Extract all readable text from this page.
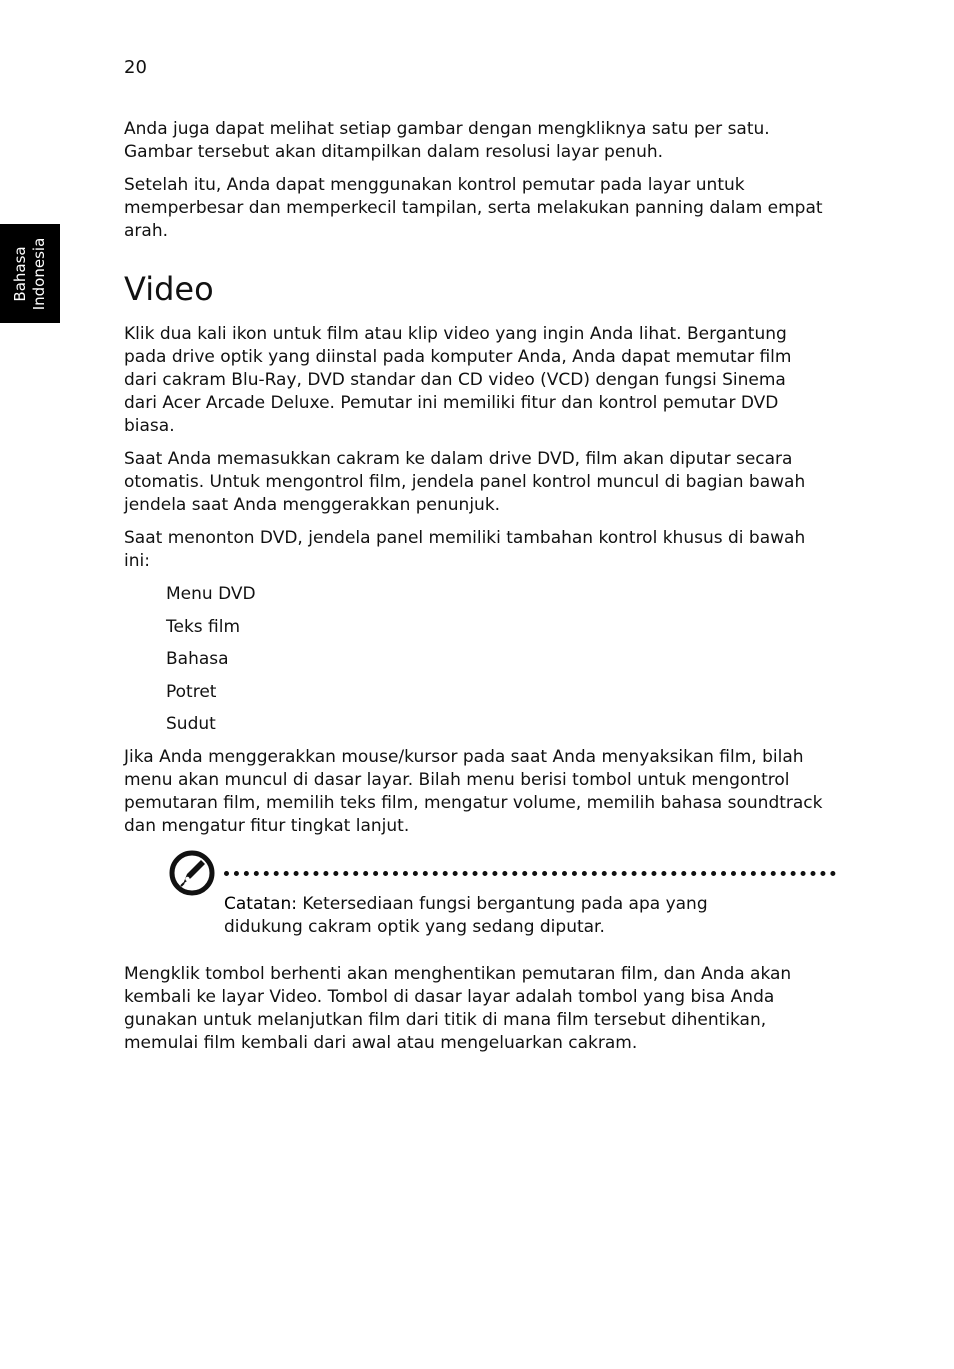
20
Bahasa Indonesia

Anda juga dapat melihat setiap gambar dengan mengkliknya satu per satu. Gambar tersebut akan ditampilkan dalam resolusi layar penuh.

Setelah itu, Anda dapat menggunakan kontrol pemutar pada layar untuk memperbesar dan memperkecil tampilan, serta melakukan panning dalam empat arah.

Video

Klik dua kali ikon untuk film atau klip video yang ingin Anda lihat. Bergantung pada drive optik yang diinstal pada komputer Anda, Anda dapat memutar film dari cakram Blu-Ray, DVD standar dan CD video (VCD) dengan fungsi Sinema dari Acer Arcade Deluxe. Pemutar ini memiliki fitur dan kontrol pemutar DVD biasa.

Saat Anda memasukkan cakram ke dalam drive DVD, film akan diputar secara otomatis. Untuk mengontrol film, jendela panel kontrol muncul di bagian bawah jendela saat Anda menggerakkan penunjuk.

Saat menonton DVD, jendela panel memiliki tambahan kontrol khusus di bawah ini:

Menu DVD
Teks film
Bahasa
Potret
Sudut

Jika Anda menggerakkan mouse/kursor pada saat Anda menyaksikan film, bilah menu akan muncul di dasar layar. Bilah menu berisi tombol untuk mengontrol pemutaran film, memilih teks film, mengatur volume, memilih bahasa soundtrack dan mengatur fitur tingkat lanjut.

Catatan: Ketersediaan fungsi bergantung pada apa yang didukung cakram optik yang sedang diputar.

Mengklik tombol berhenti akan menghentikan pemutaran film, dan Anda akan kembali ke layar Video. Tombol di dasar layar adalah tombol yang bisa Anda gunakan untuk melanjutkan film dari titik di mana film tersebut dihentikan, memulai film kembali dari awal atau mengeluarkan cakram.
